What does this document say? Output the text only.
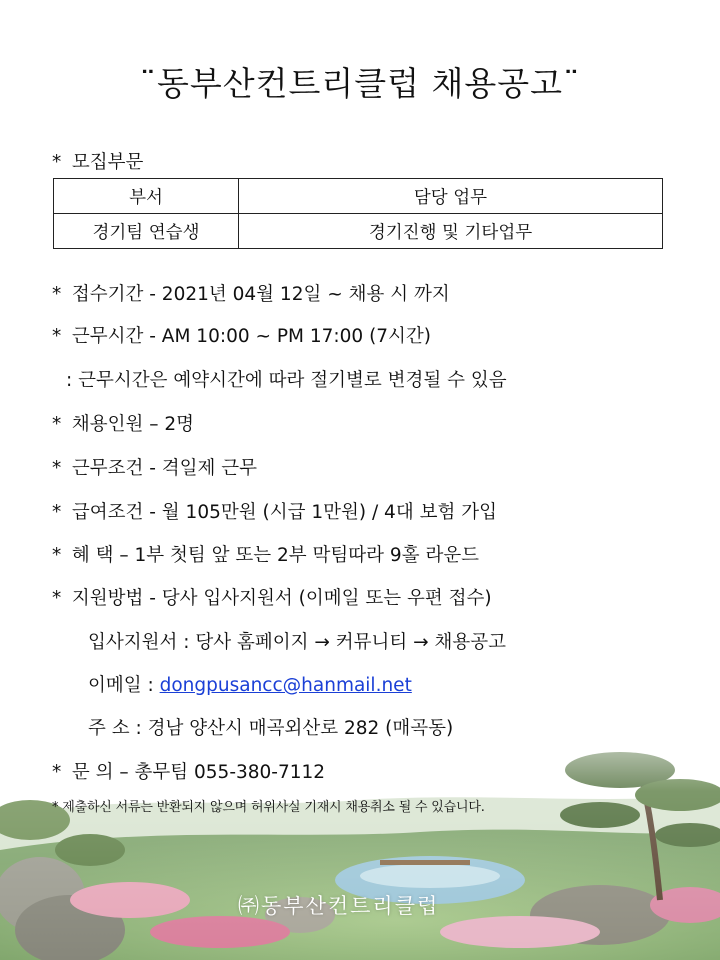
¨동부산컨트리클럽 채용공고¨
* 모집부문
부서	담당 업무
경기팀 연습생	경기진행 및 기타업무
* 접수기간 - 2021년 04월 12일 ~ 채용 시 까지
* 근무시간 - AM 10:00 ~ PM 17:00 (7시간)
: 근무시간은 예약시간에 따라 절기별로 변경될 수 있음
* 채용인원 – 2명
* 근무조건 - 격일제 근무
* 급여조건 - 월 105만원 (시급 1만원) / 4대 보험 가입
* 혜 택 – 1부 첫팀 앞 또는 2부 막팀따라 9홀 라운드
* 지원방법 - 당사 입사지원서 (이메일 또는 우편 접수)
입사지원서 : 당사 홈페이지 → 커뮤니티 → 채용공고
이메일 : dongpusancc@hanmail.net
주 소 : 경남 양산시 매곡외산로 282 (매곡동)
* 문 의 – 총무팀 055-380-7112
* 제출하신 서류는 반환되지 않으며 허위사실 기재시 채용취소 될 수 있습니다.
㈜동부산컨트리클럽
